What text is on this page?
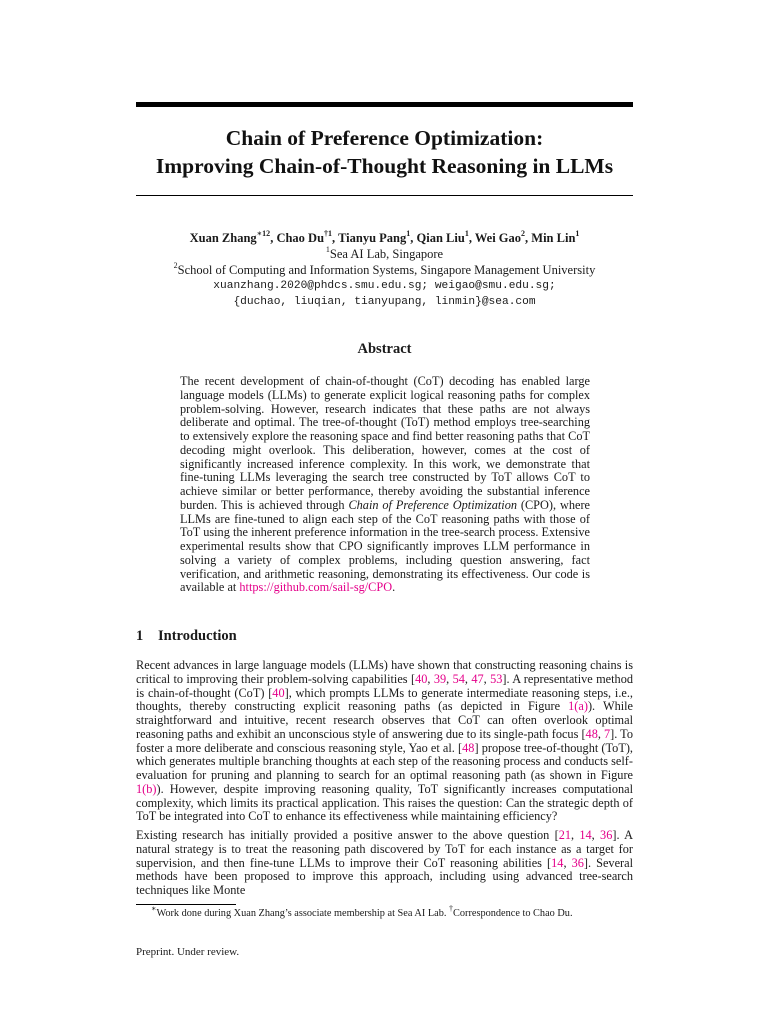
Chain of Preference Optimization:
Improving Chain-of-Thought Reasoning in LLMs
Xuan Zhang$^{∗12}$, Chao Du$^{\dagger 1}$, Tianyu Pang$^1$, Qian Liu$^1$, Wei Gao$^2$, Min Lin$^1$
$^1$Sea AI Lab, Singapore
$^2$School of Computing and Information Systems, Singapore Management University
xuanzhang.2020@phdcs.smu.edu.sg; weigao@smu.edu.sg;
{duchao, liuqian, tianyupang, linmin}@sea.com
Abstract
The recent development of chain-of-thought (CoT) decoding has enabled large language models (LLMs) to generate explicit logical reasoning paths for complex problem-solving. However, research indicates that these paths are not always deliberate and optimal. The tree-of-thought (ToT) method employs tree-searching to extensively explore the reasoning space and find better reasoning paths that CoT decoding might overlook. This deliberation, however, comes at the cost of significantly increased inference complexity. In this work, we demonstrate that fine-tuning LLMs leveraging the search tree constructed by ToT allows CoT to achieve similar or better performance, thereby avoiding the substantial inference burden. This is achieved through Chain of Preference Optimization (CPO), where LLMs are fine-tuned to align each step of the CoT reasoning paths with those of ToT using the inherent preference information in the tree-search process. Extensive experimental results show that CPO significantly improves LLM performance in solving a variety of complex problems, including question answering, fact verification, and arithmetic reasoning, demonstrating its effectiveness. Our code is available at https://github.com/sail-sg/CPO.
1 Introduction

Recent advances in large language models (LLMs) have shown that constructing reasoning chains is critical to improving their problem-solving capabilities [40, 39, 54, 47, 53]. A representative method is chain-of-thought (CoT) [40], which prompts LLMs to generate intermediate reasoning steps, i.e., thoughts, thereby constructing explicit reasoning paths (as depicted in Figure 1(a)). While straightforward and intuitive, recent research observes that CoT can often overlook optimal reasoning paths and exhibit an unconscious style of answering due to its single-path focus [48, 7]. To foster a more deliberate and conscious reasoning style, Yao et al. [48] propose tree-of-thought (ToT), which generates multiple branching thoughts at each step of the reasoning process and conducts self-evaluation for pruning and planning to search for an optimal reasoning path (as shown in Figure 1(b)). However, despite improving reasoning quality, ToT significantly increases computational complexity, which limits its practical application. This raises the question: Can the strategic depth of ToT be integrated into CoT to enhance its effectiveness while maintaining efficiency?

Existing research has initially provided a positive answer to the above question [21, 14, 36]. A natural strategy is to treat the reasoning path discovered by ToT for each instance as a target for supervision, and then fine-tune LLMs to improve their CoT reasoning abilities [14, 36]. Several methods have been proposed to improve this approach, including using advanced tree-search techniques like Monte

∗Work done during Xuan Zhang’s associate membership at Sea AI Lab. †Correspondence to Chao Du.
Preprint. Under review.
